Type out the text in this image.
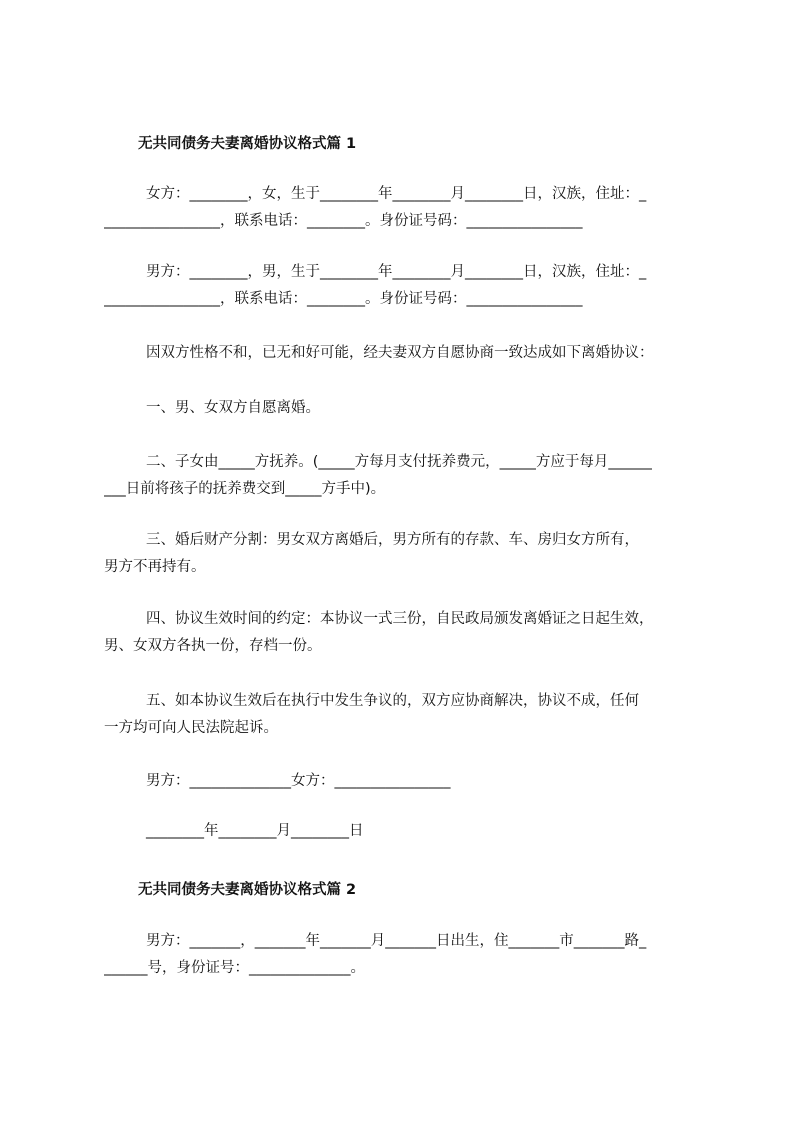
无共同债务夫妻离婚协议格式篇 1
女方：________，女，生于________年________月________日，汉族，住址：_
________________，联系电话：________。身份证号码：________________
男方：________，男，生于________年________月________日，汉族，住址：_
________________，联系电话：________。身份证号码：________________
因双方性格不和，已无和好可能，经夫妻双方自愿协商一致达成如下离婚协议：
一、男、女双方自愿离婚。
二、子女由_____方抚养。(_____方每月支付抚养费元，_____方应于每月______
___日前将孩子的抚养费交到_____方手中)。
三、婚后财产分割：男女双方离婚后，男方所有的存款、车、房归女方所有，
男方不再持有。
四、协议生效时间的约定：本协议一式三份，自民政局颁发离婚证之日起生效，
男、女双方各执一份，存档一份。
五、如本协议生效后在执行中发生争议的，双方应协商解决，协议不成，任何
一方均可向人民法院起诉。
男方：______________女方：________________
________年________月________日
无共同债务夫妻离婚协议格式篇 2
男方：_______，_______年_______月_______日出生，住_______市_______路_
______号，身份证号：______________。
